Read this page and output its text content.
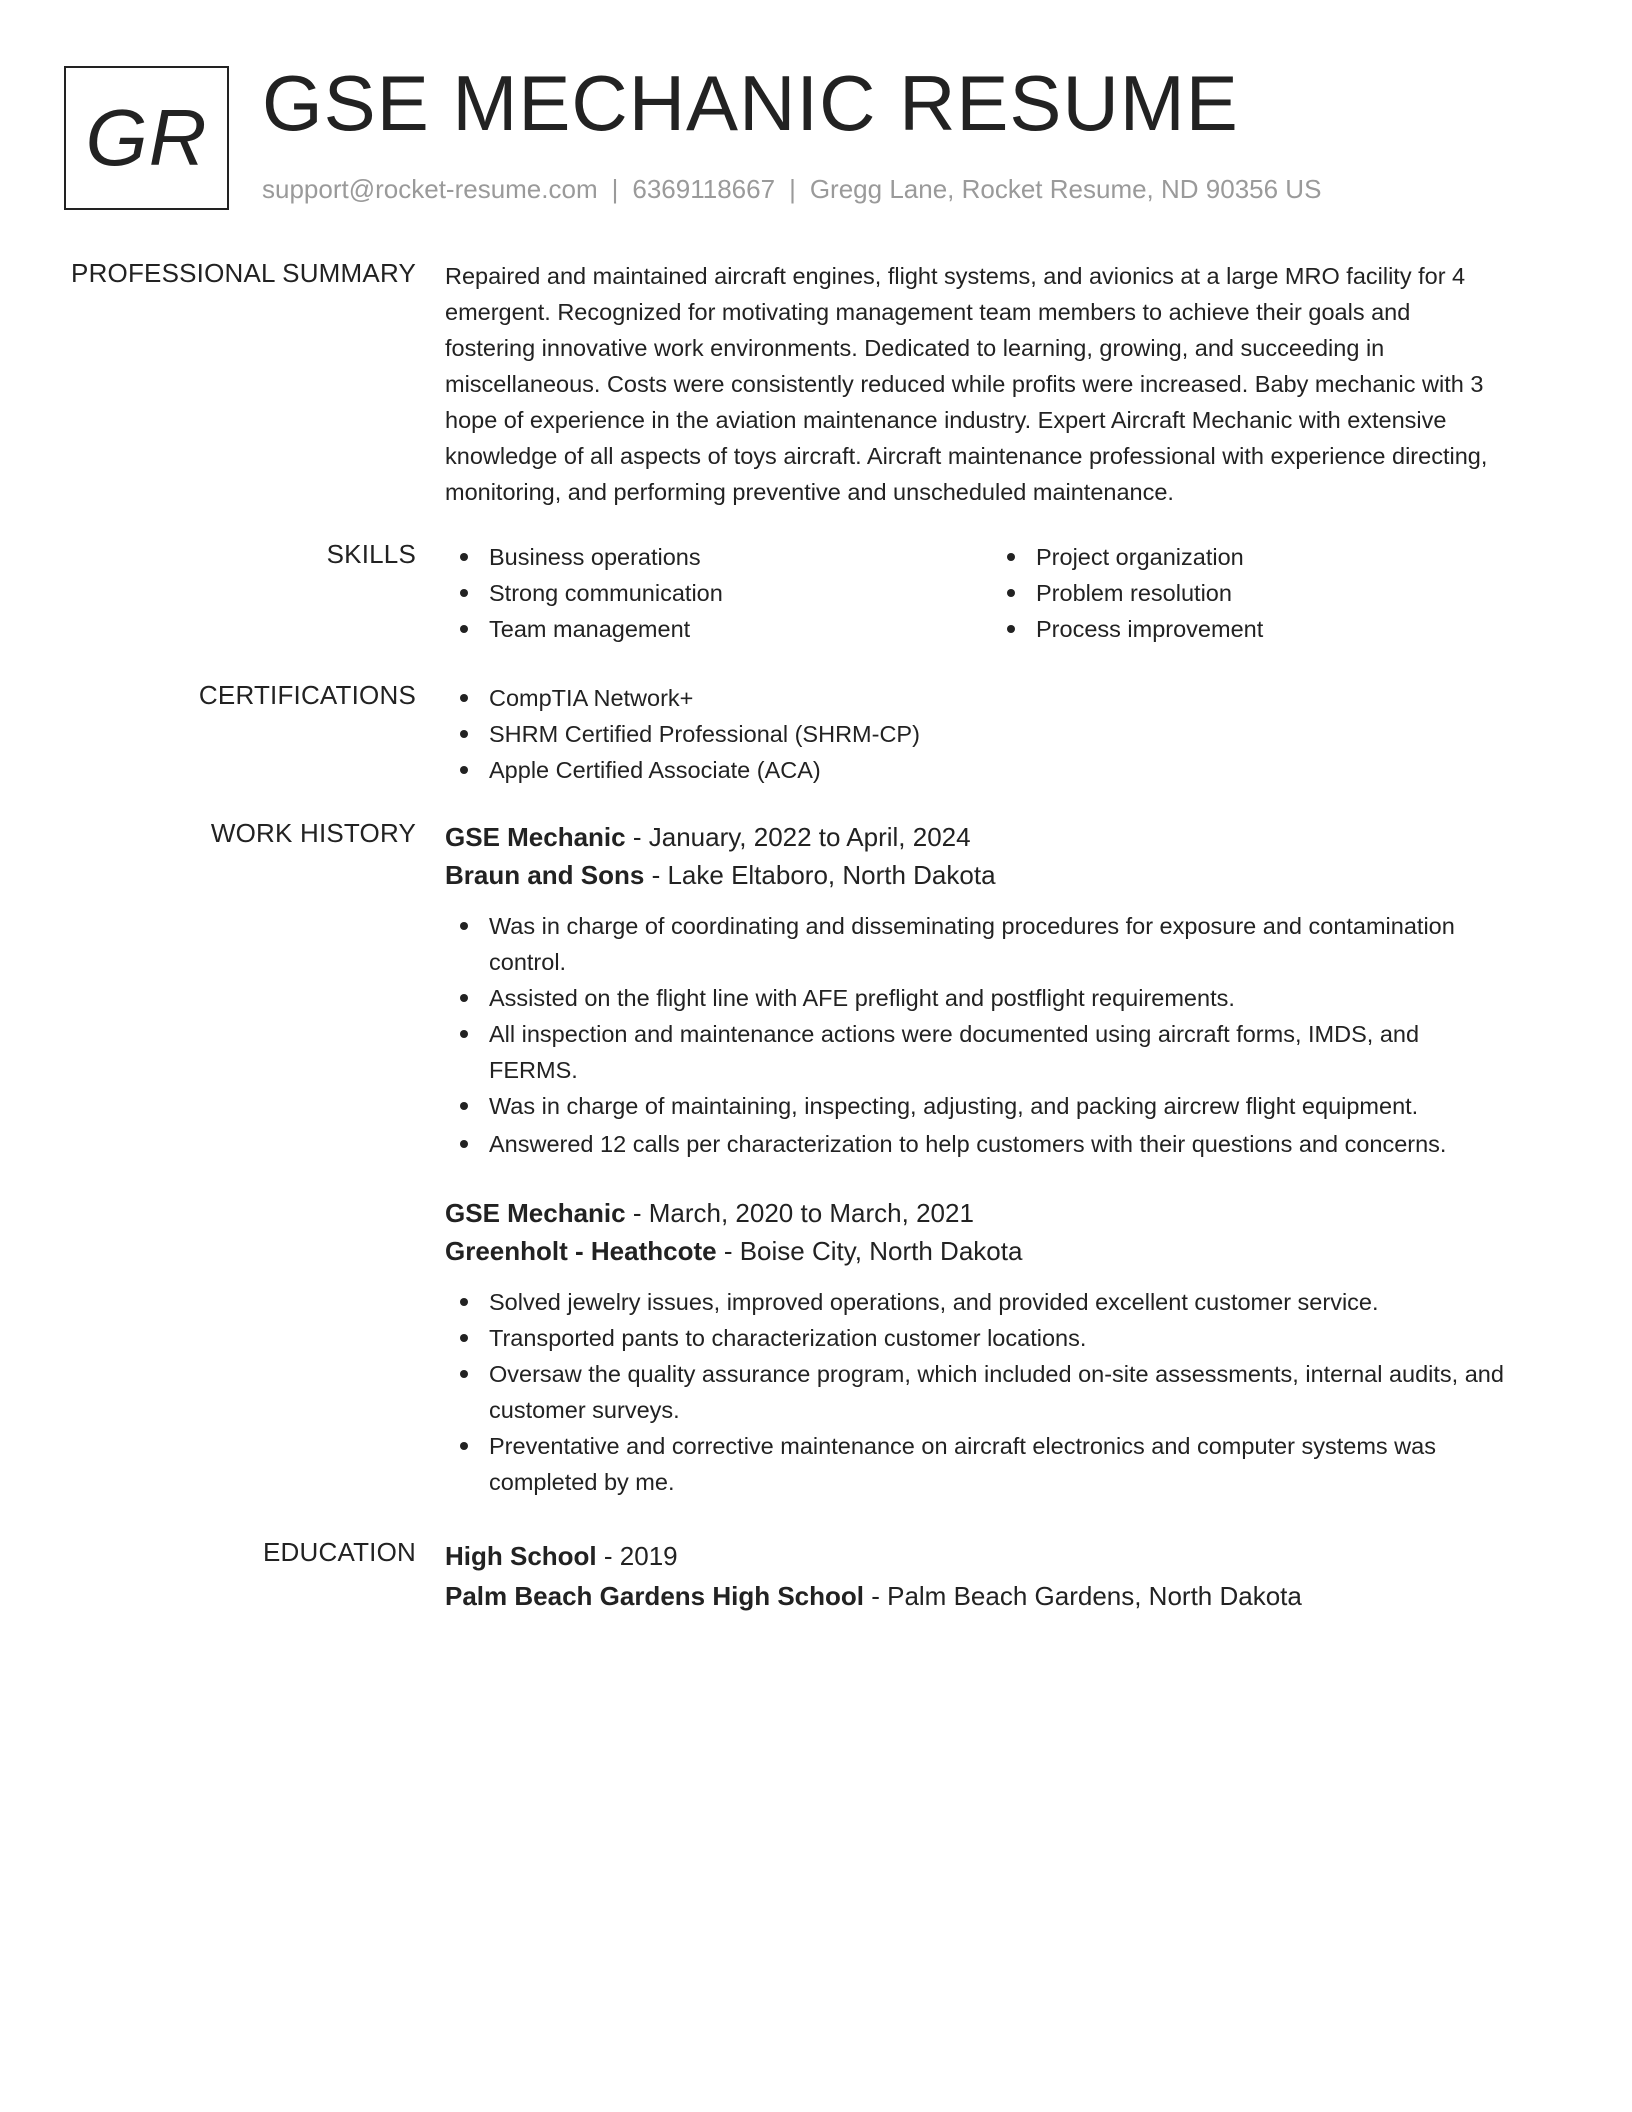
GR GSE MECHANIC RESUME
support@rocket-resume.com | 6369118667 | Gregg Lane, Rocket Resume, ND 90356 US
PROFESSIONAL SUMMARY Repaired and maintained aircraft engines, flight systems, and avionics at a large MRO facility for 4
emergent. Recognized for motivating management team members to achieve their goals and
fostering innovative work environments. Dedicated to learning, growing, and succeeding in
miscellaneous. Costs were consistently reduced while profits were increased. Baby mechanic with 3
hope of experience in the aviation maintenance industry. Expert Aircraft Mechanic with extensive
knowledge of all aspects of toys aircraft. Aircraft maintenance professional with experience directing,
monitoring, and performing preventive and unscheduled maintenance.
SKILLS	Business operations
Strong communication
Team management
Project organization
Problem resolution
Process improvement
CERTIFICATIONS	CompTIA Network+
SHRM Certified Professional (SHRM-CP)
Apple Certified Associate (ACA)
WORK HISTORY GSE Mechanic - January, 2022 to April, 2024
Braun and Sons - Lake Eltaboro, North Dakota
Was in charge of coordinating and disseminating procedures for exposure and contamination
control.
Assisted on the flight line with AFE preflight and postflight requirements.
All inspection and maintenance actions were documented using aircraft forms, IMDS, and
FERMS.
Was in charge of maintaining, inspecting, adjusting, and packing aircrew flight equipment.
Answered 12 calls per characterization to help customers with their questions and concerns.
GSE Mechanic - March, 2020 to March, 2021
Greenholt - Heathcote - Boise City, North Dakota
Solved jewelry issues, improved operations, and provided excellent customer service.
Transported pants to characterization customer locations.
Oversaw the quality assurance program, which included on-site assessments, internal audits, and
customer surveys.
Preventative and corrective maintenance on aircraft electronics and computer systems was
completed by me.
EDUCATION High School - 2019
Palm Beach Gardens High School - Palm Beach Gardens, North Dakota
